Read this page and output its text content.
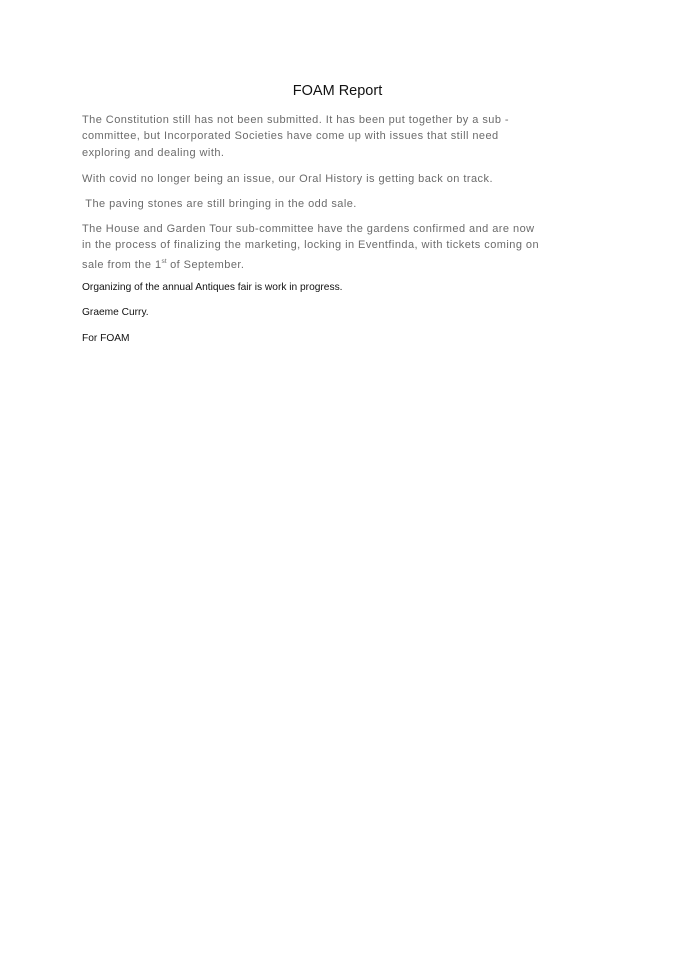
FOAM Report
The Constitution still has not been submitted. It has been put together by a sub -
committee, but Incorporated Societies have come up with issues that still need
exploring and dealing with.
With covid no longer being an issue, our Oral History is getting back on track.
The paving stones are still bringing in the odd sale.
The House and Garden Tour sub-committee have the gardens confirmed and are now
in the process of finalizing the marketing, locking in Eventfinda, with tickets coming on
sale from the 1st of September.
Organizing of the annual Antiques fair is work in progress.
Graeme Curry.
For FOAM
